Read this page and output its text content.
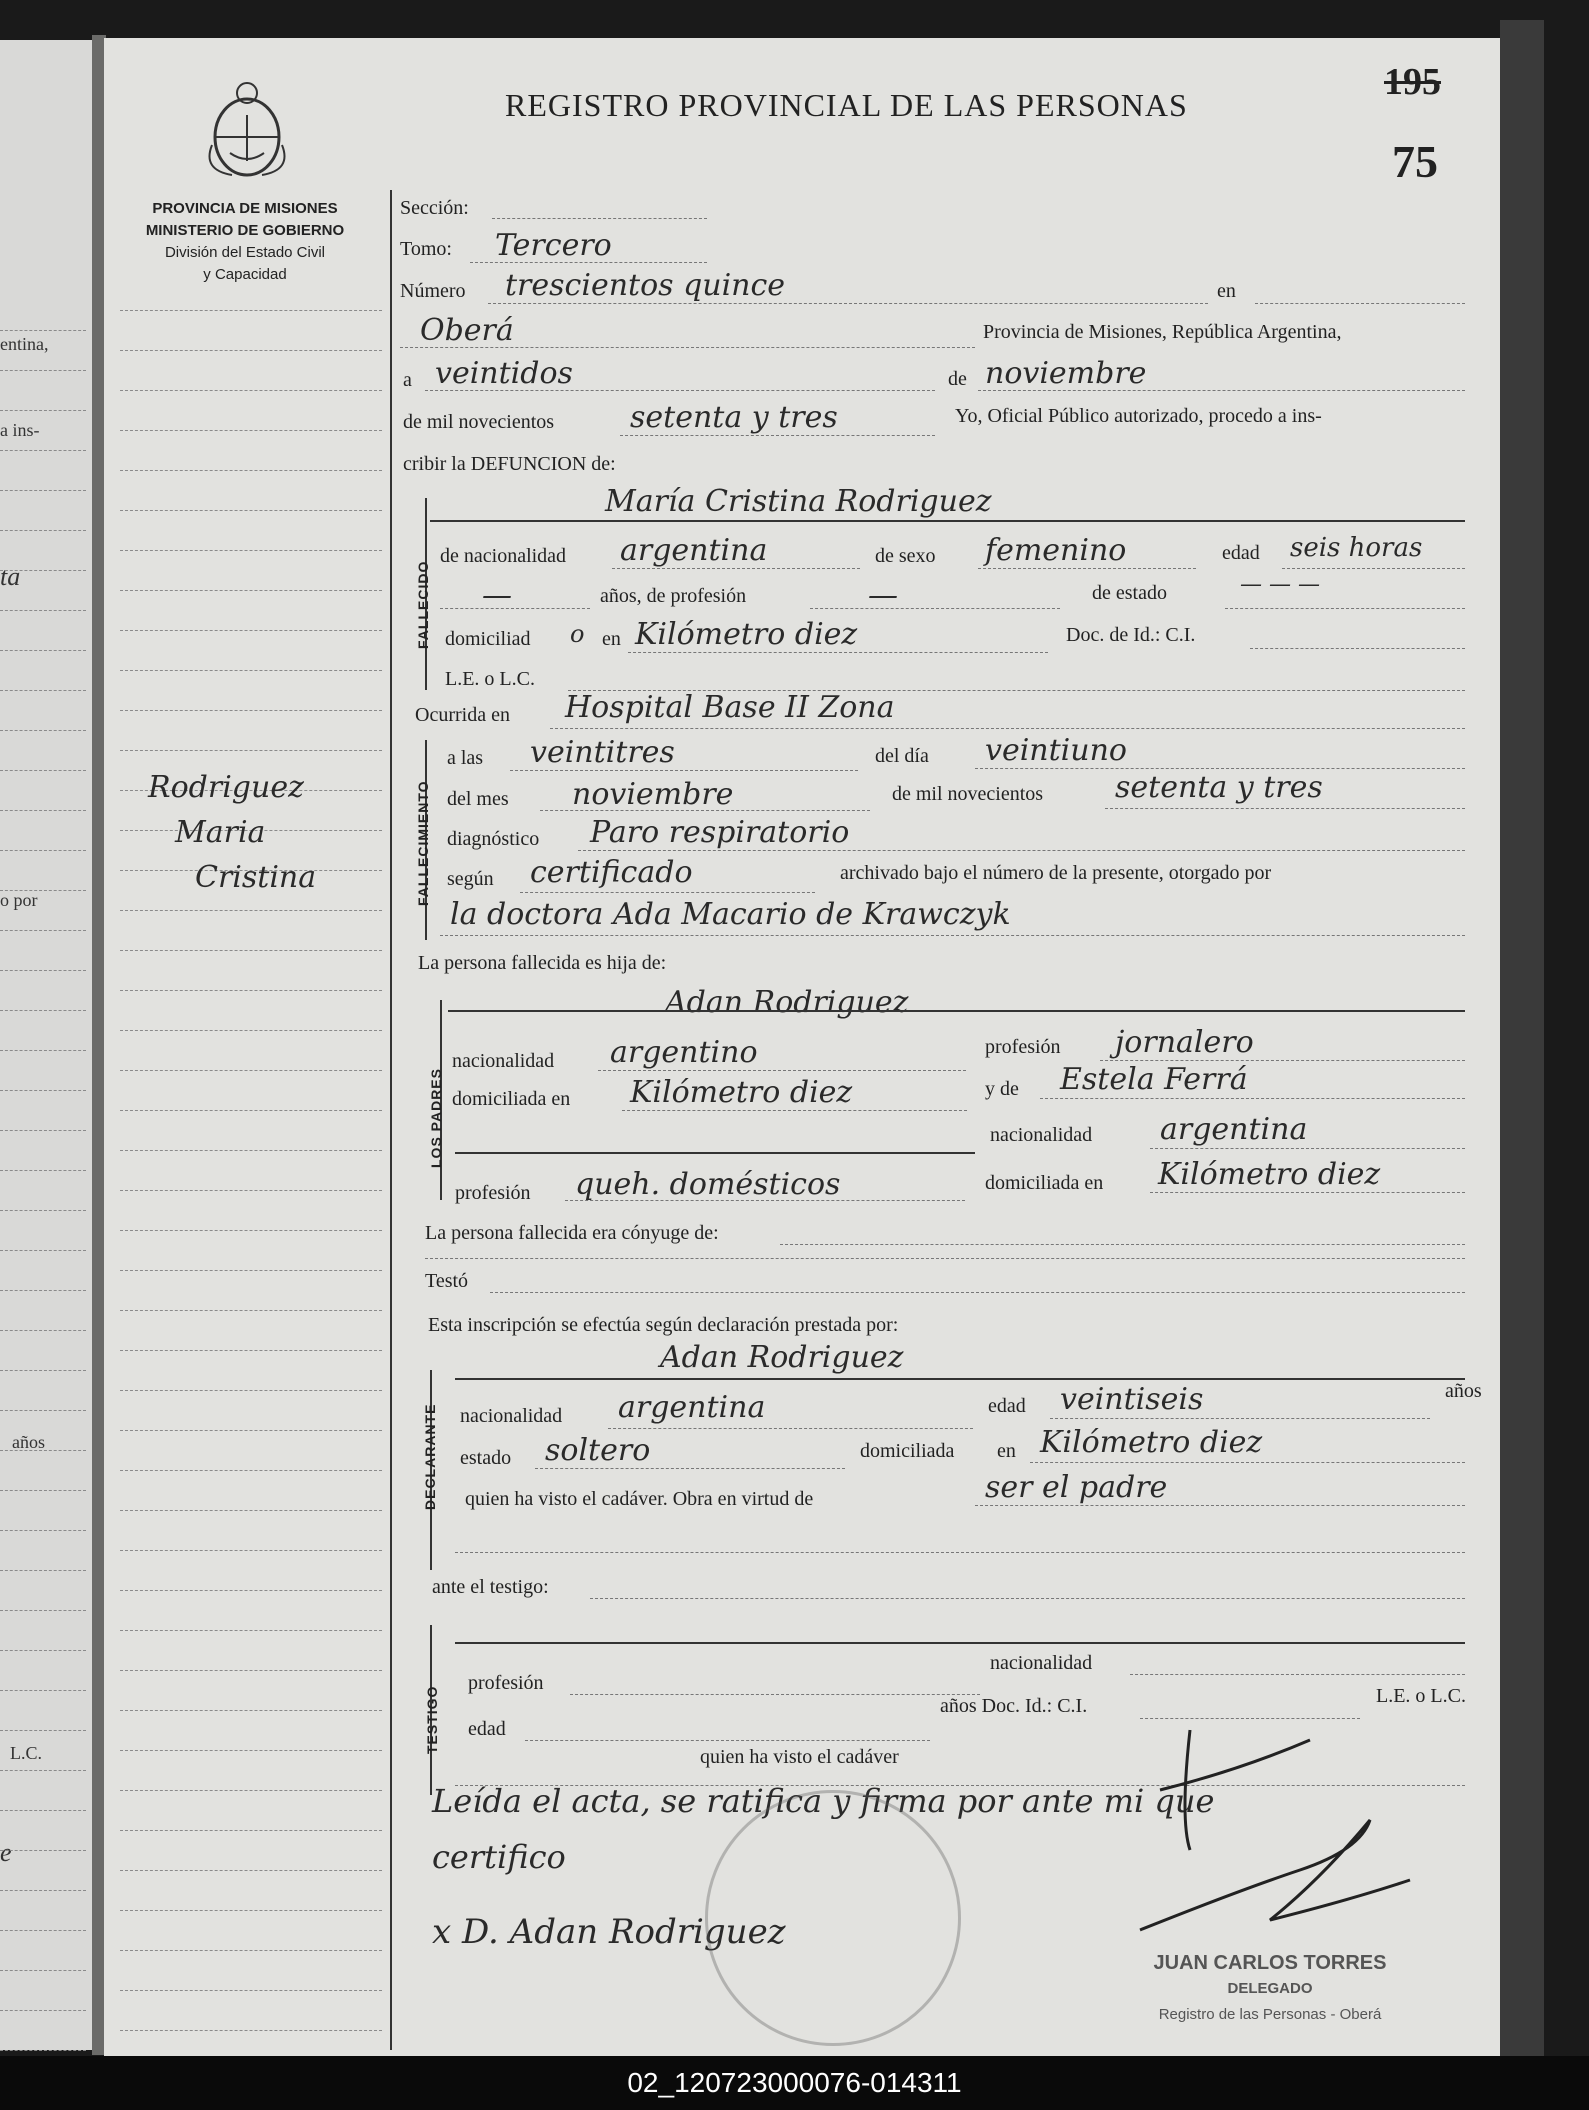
entina,
a ins-
ta
o por
años
L.C.
e
REGISTRO PROVINCIAL DE LAS PERSONAS
195
75
PROVINCIA DE MISIONES
MINISTERIO DE GOBIERNO
División del Estado Civil
y Capacidad
Rodriguez
Maria
Cristina
Sección:
Tomo: Tercero
Número trescientos quince	en
Oberá	Provincia de Misiones, República Argentina,
a veintidos	de noviembre
de mil novecientos	setenta y tres	Yo, Oficial Público autorizado, procedo a ins-
cribir la DEFUNCION de:
FALLECIDO
María Cristina Rodriguez
de nacionalidad argentina	de sexo femenino	edad seis horas
—	años, de profesión	—	de estado	— — —
domiciliad o en Kilómetro diez	Doc. de Id.: C.I.
L.E. o L.C.
Ocurrida en Hospital Base II Zona
FALLECIMIENTO
a las veintitres	del día veintiuno
del mes noviembre	de mil novecientos setenta y tres
diagnóstico Paro respiratorio
según certificado	archivado bajo el número de la presente, otorgado por
la doctora Ada Macario de Krawczyk
La persona fallecida es hija de:
LOS PADRES
Adan Rodriguez
nacionalidad argentino	profesión jornalero
domiciliada en Kilómetro diez	y de Estela Ferrá
nacionalidad argentina
profesión queh. domésticos	domiciliada en Kilómetro diez
La persona fallecida era cónyuge de:
Testó
Esta inscripción se efectúa según declaración prestada por:
DECLARANTE
Adan Rodriguez
nacionalidad argentina	edad veintiseis	años
estado soltero	domiciliada en Kilómetro diez
quien ha visto el cadáver. Obra en virtud de	ser el padre
ante el testigo:
TESTIGO
nacionalidad
profesión
edad
años Doc. Id.: C.I.	L.E. o L.C.
quien ha visto el cadáver
Leída el acta, se ratifica y firma por ante mi que
certifico
x D. Adan Rodriguez
JUAN CARLOS TORRES
DELEGADO
Registro de las Personas - Oberá
02_120723000076-014311
